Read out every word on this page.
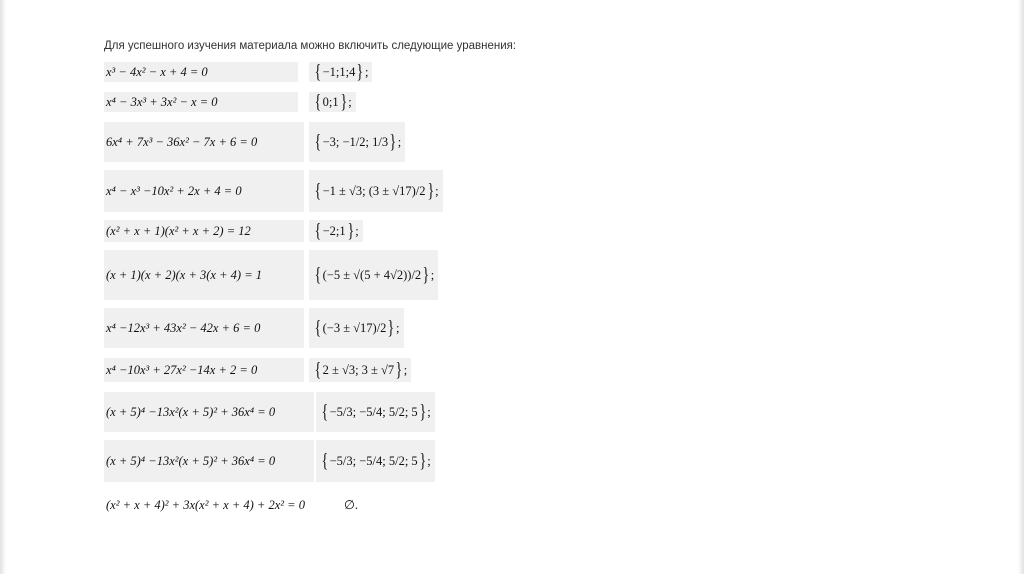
Для успешного изучения материала можно включить следующие уравнения:
x³ − 4x² − x + 4 = 0	{ −1;1;4 } ;
x⁴ − 3x³ + 3x² − x = 0	{ 0;1 } ;
6x⁴ + 7x³ − 36x² − 7x + 6 = 0	{ −3; −1/2; 1/3 } ;
x⁴ − x³ −10x² + 2x + 4 = 0	{ −1 ± √3; (3 ± √17)/2 } ;
(x² + x + 1)(x² + x + 2) = 12	{ −2;1 } ;
(x + 1)(x + 2)(x + 3(x + 4) = 1	{ (−5 ± √(5 + 4√2))/2 } ;
x⁴ −12x³ + 43x² − 42x + 6 = 0	{ (−3 ± √17)/2 } ;
x⁴ −10x³ + 27x² −14x + 2 = 0	{ 2 ± √3; 3 ± √7 } ;
(x + 5)⁴ −13x²(x + 5)² + 36x⁴ = 0	{ −5/3; −5/4; 5/2; 5 } ;
(x + 5)⁴ −13x²(x + 5)² + 36x⁴ = 0	{ −5/3; −5/4; 5/2; 5 } ;
(x² + x + 4)² + 3x(x² + x + 4) + 2x² = 0	∅.
